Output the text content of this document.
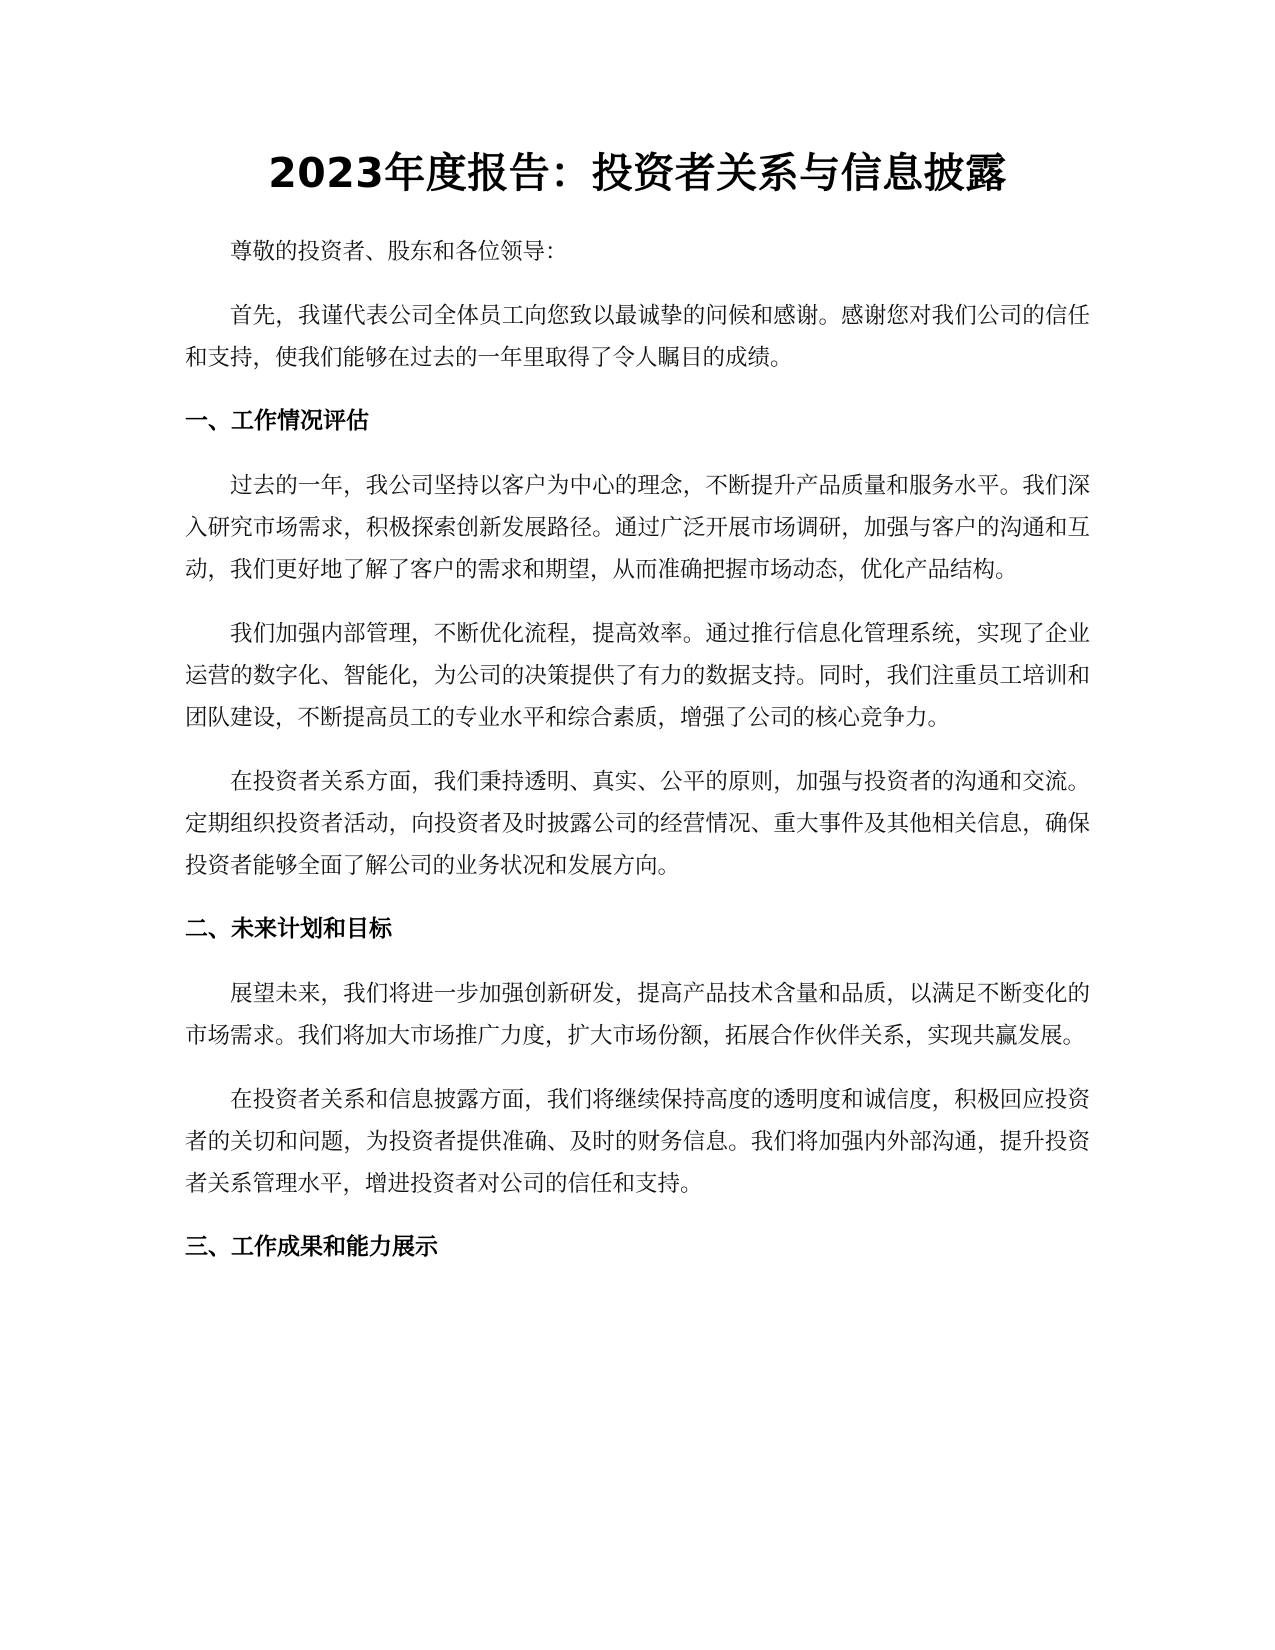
2023年度报告：投资者关系与信息披露

尊敬的投资者、股东和各位领导：

首先，我谨代表公司全体员工向您致以最诚挚的问候和感谢。感谢您对我们公司的信任和支持，使我们能够在过去的一年里取得了令人瞩目的成绩。

一、工作情况评估

过去的一年，我公司坚持以客户为中心的理念，不断提升产品质量和服务水平。我们深入研究市场需求，积极探索创新发展路径。通过广泛开展市场调研，加强与客户的沟通和互动，我们更好地了解了客户的需求和期望，从而准确把握市场动态，优化产品结构。

我们加强内部管理，不断优化流程，提高效率。通过推行信息化管理系统，实现了企业运营的数字化、智能化，为公司的决策提供了有力的数据支持。同时，我们注重员工培训和团队建设，不断提高员工的专业水平和综合素质，增强了公司的核心竞争力。

在投资者关系方面，我们秉持透明、真实、公平的原则，加强与投资者的沟通和交流。定期组织投资者活动，向投资者及时披露公司的经营情况、重大事件及其他相关信息，确保投资者能够全面了解公司的业务状况和发展方向。

二、未来计划和目标

展望未来，我们将进一步加强创新研发，提高产品技术含量和品质，以满足不断变化的市场需求。我们将加大市场推广力度，扩大市场份额，拓展合作伙伴关系，实现共赢发展。

在投资者关系和信息披露方面，我们将继续保持高度的透明度和诚信度，积极回应投资者的关切和问题，为投资者提供准确、及时的财务信息。我们将加强内外部沟通，提升投资者关系管理水平，增进投资者对公司的信任和支持。

三、工作成果和能力展示
